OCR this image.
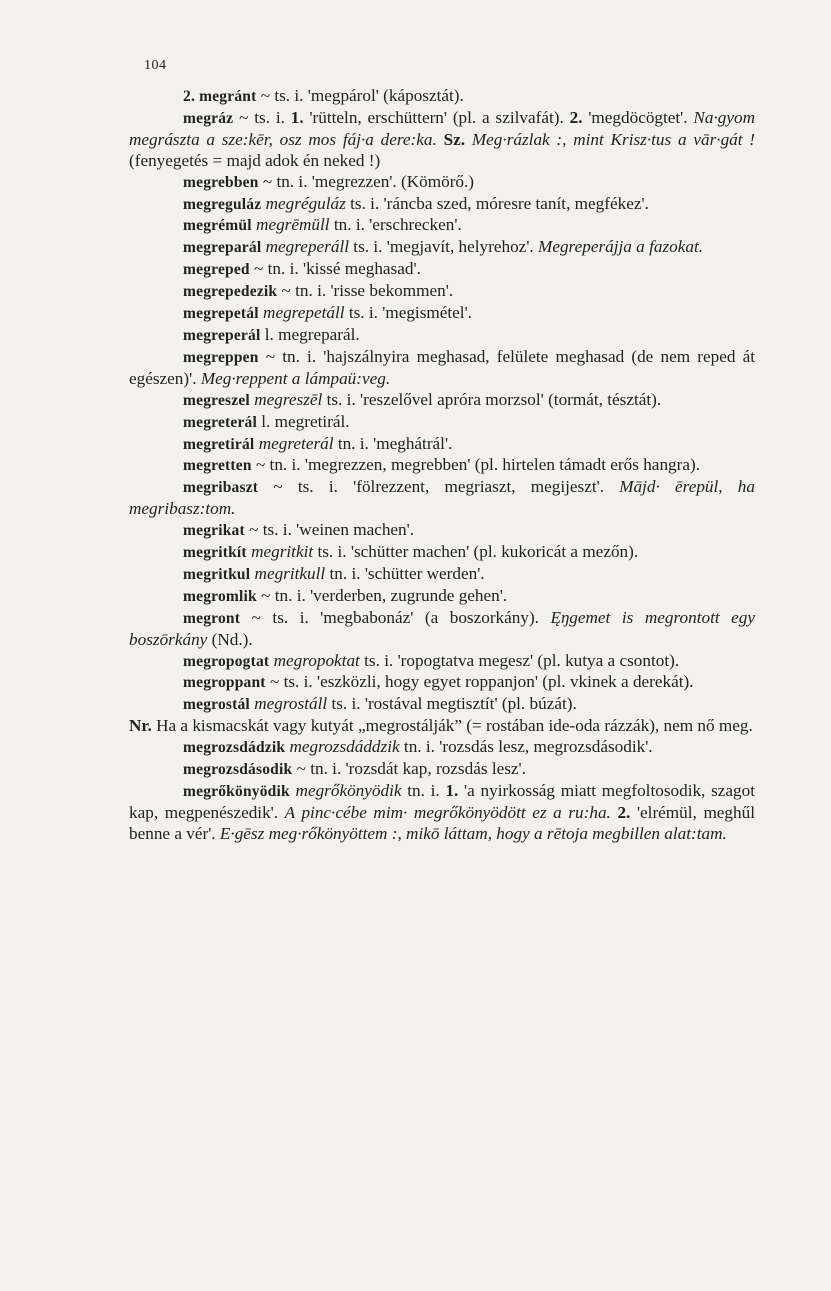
104

2. megránt ~ ts. i. 'megpárol' (káposztát).

megráz ~ ts. i. 1. 'rütteln, erschüttern' (pl. a szilvafát). 2. 'megdöcögtet'. Na·gyom megrászta a sze:kēr, osz mos fáj·a dere:ka. Sz. Meg·rázlak :, mint Krisz·tus a vār·gát ! (fenyegetés = majd adok én neked !)

megrebben ~ tn. i. 'megrezzen'. (Kömörő.)

megreguláz megréguláz ts. i. 'ráncba szed, móresre tanít, megfékez'.

megrémül megrēmüll tn. i. 'erschrecken'.

megreparál megreperáll ts. i. 'megjavít, helyrehoz'. Megreperájja a fazokat.

megreped ~ tn. i. 'kissé meghasad'.

megrepedezik ~ tn. i. 'risse bekommen'.

megrepetál megrepetáll ts. i. 'megismétel'.

megreperál l. megreparál.

megreppen ~ tn. i. 'hajszálnyira meghasad, felülete meghasad (de nem reped át egészen)'. Meg·reppent a lámpaü:veg.

megreszel megreszēl ts. i. 'reszelővel apróra morzsol' (tormát, tésztát).

megreterál l. megretirál.

megretirál megreterál tn. i. 'meghátrál'.

megretten ~ tn. i. 'megrezzen, megrebben' (pl. hirtelen támadt erős hangra).

megribaszt ~ ts. i. 'fölrezzent, megriaszt, megijeszt'. Mājd· ērepül, ha megribasz:tom.

megrikat ~ ts. i. 'weinen machen'.

megritkít megritkit ts. i. 'schütter machen' (pl. kukoricát a mezőn).

megritkul megritkull tn. i. 'schütter werden'.

megromlik ~ tn. i. 'verderben, zugrunde gehen'.

megront ~ ts. i. 'megbabonáz' (a boszorkány). Ęŋgemet is megrontott egy boszōrkány (Nd.).

megropogtat megropoktat ts. i. 'ropogtatva megesz' (pl. kutya a csontot).

megroppant ~ ts. i. 'eszközli, hogy egyet roppanjon' (pl. vkinek a derekát).

megrostál megrostáll ts. i. 'rostával megtisztít' (pl. búzát).

Nr. Ha a kismacskát vagy kutyát „megrostálják” (= rostában ide-oda rázzák), nem nő meg.

megrozsdádzik megrozsdáddzik tn. i. 'rozsdás lesz, megrozsdásodik'.

megrozsdásodik ~ tn. i. 'rozsdát kap, rozsdás lesz'.

megrőkönyödik megrőkönyödik tn. i. 1. 'a nyirkosság miatt megfoltosodik, szagot kap, megpenészedik'. A pinc·cébe mim· megrőkönyödött ez a ru:ha. 2. 'elrémül, meghűl benne a vér'. E·gēsz meg·rőkönyöttem :, mikō láttam, hogy a rētoja megbillen alat:tam.
